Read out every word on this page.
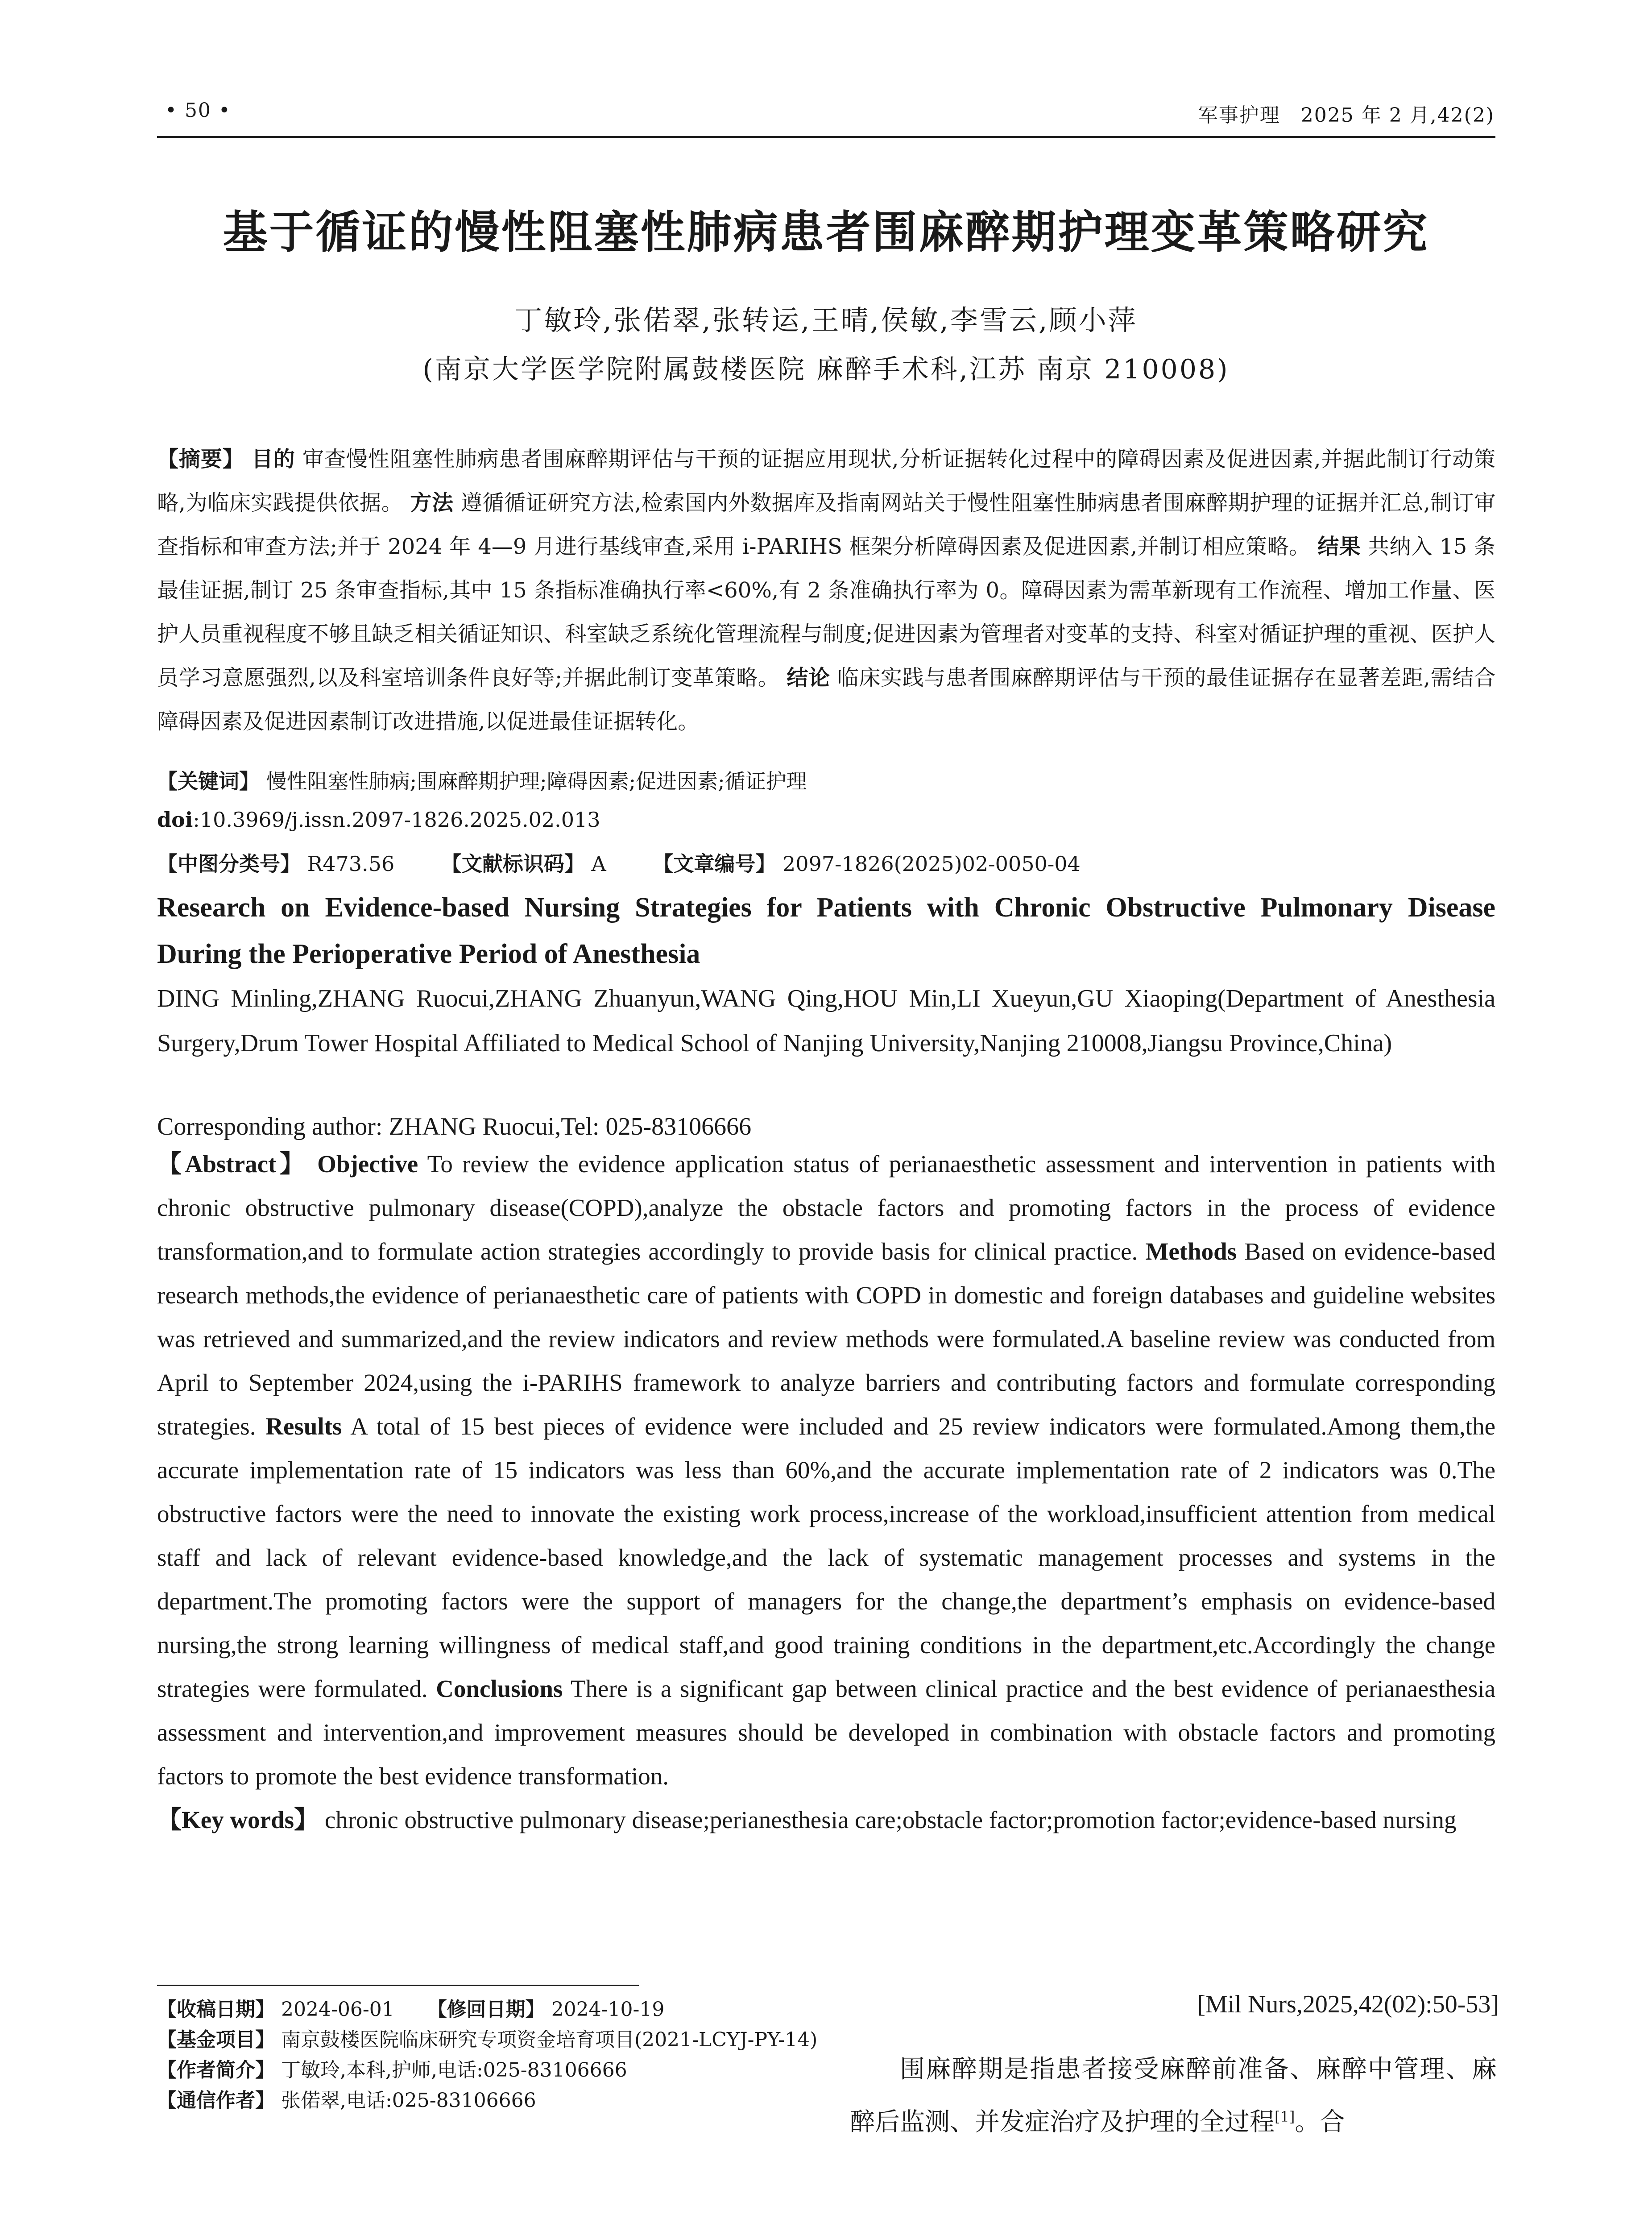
• 50 •	军事护理　2025 年 2 月,42(2)
基于循证的慢性阻塞性肺病患者围麻醉期护理变革策略研究
丁敏玲,张偌翠,张转运,王晴,侯敏,李雪云,顾小萍
(南京大学医学院附属鼓楼医院 麻醉手术科,江苏 南京 210008)
【摘要】 目的 审查慢性阻塞性肺病患者围麻醉期评估与干预的证据应用现状,分析证据转化过程中的障碍因素及促进因素,并据此制订行动策略,为临床实践提供依据。 方法 遵循循证研究方法,检索国内外数据库及指南网站关于慢性阻塞性肺病患者围麻醉期护理的证据并汇总,制订审查指标和审查方法;并于 2024 年 4—9 月进行基线审查,采用 i-PARIHS 框架分析障碍因素及促进因素,并制订相应策略。 结果 共纳入 15 条最佳证据,制订 25 条审查指标,其中 15 条指标准确执行率<60%,有 2 条准确执行率为 0。障碍因素为需革新现有工作流程、增加工作量、医护人员重视程度不够且缺乏相关循证知识、科室缺乏系统化管理流程与制度;促进因素为管理者对变革的支持、科室对循证护理的重视、医护人员学习意愿强烈,以及科室培训条件良好等;并据此制订变革策略。 结论 临床实践与患者围麻醉期评估与干预的最佳证据存在显著差距,需结合障碍因素及促进因素制订改进措施,以促进最佳证据转化。
【关键词】 慢性阻塞性肺病;围麻醉期护理;障碍因素;促进因素;循证护理
doi:10.3969/j.issn.2097-1826.2025.02.013
【中图分类号】 R473.56 【文献标识码】 A 【文章编号】 2097-1826(2025)02-0050-04
Research on Evidence-based Nursing Strategies for Patients with Chronic Obstructive Pulmonary Disease During the Perioperative Period of Anesthesia
DING Minling,ZHANG Ruocui,ZHANG Zhuanyun,WANG Qing,HOU Min,LI Xueyun,GU Xiaoping(Department of Anesthesia Surgery,Drum Tower Hospital Affiliated to Medical School of Nanjing University,Nanjing 210008,Jiangsu Province,China)
Corresponding author: ZHANG Ruocui,Tel: 025-83106666
【Abstract】 Objective To review the evidence application status of perianaesthetic assessment and intervention in patients with chronic obstructive pulmonary disease(COPD),analyze the obstacle factors and promoting factors in the process of evidence transformation,and to formulate action strategies accordingly to provide basis for clinical practice. Methods Based on evidence-based research methods,the evidence of perianaesthetic care of patients with COPD in domestic and foreign databases and guideline websites was retrieved and summarized,and the review indicators and review methods were formulated.A baseline review was conducted from April to September 2024,using the i-PARIHS framework to analyze barriers and contributing factors and formulate corresponding strategies. Results A total of 15 best pieces of evidence were included and 25 review indicators were formulated.Among them,the accurate implementation rate of 15 indicators was less than 60%,and the accurate implementation rate of 2 indicators was 0.The obstructive factors were the need to innovate the existing work process,increase of the workload,insufficient attention from medical staff and lack of relevant evidence-based knowledge,and the lack of systematic management processes and systems in the department.The promoting factors were the support of managers for the change,the department’s emphasis on evidence-based nursing,the strong learning willingness of medical staff,and good training conditions in the department,etc.Accordingly the change strategies were formulated. Conclusions There is a significant gap between clinical practice and the best evidence of perianaesthesia assessment and intervention,and improvement measures should be developed in combination with obstacle factors and promoting factors to promote the best evidence transformation.
【Key words】 chronic obstructive pulmonary disease;perianesthesia care;obstacle factor;promotion factor;evidence-based nursing
【收稿日期】 2024-06-01 【修回日期】 2024-10-19
【基金项目】 南京鼓楼医院临床研究专项资金培育项目(2021-LCYJ-PY-14)
【作者简介】 丁敏玲,本科,护师,电话:025-83106666
【通信作者】 张偌翠,电话:025-83106666
[Mil Nurs,2025,42(02):50-53]
围麻醉期是指患者接受麻醉前准备、麻醉中管理、麻醉后监测、并发症治疗及护理的全过程[1]。合
